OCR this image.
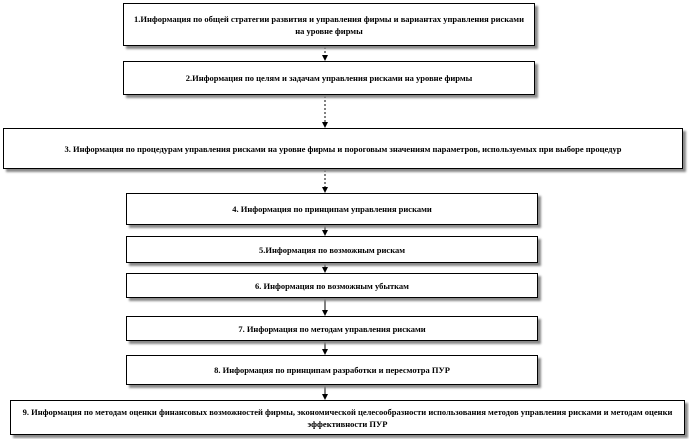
1.Информация по общей стратегии развития и управления фирмы и вариантах управления рисками на уровне фирмы
2.Информация по целям и задачам управления рисками на уровне фирмы
3. Информация по процедурам управления рисками на уровне фирмы и пороговым значениям параметров, используемых при выборе процедур
4. Информация по принципам управления рисками
5.Информация по возможным рискам
6. Информация по возможным убыткам
7. Информация по методам управления рисками
8. Информация по принципам разработки и пересмотра ПУР
9. Информация по методам оценки финансовых возможностей фирмы, экономической целесообразности использования методов управления рисками и методам оценки эффективности ПУР
